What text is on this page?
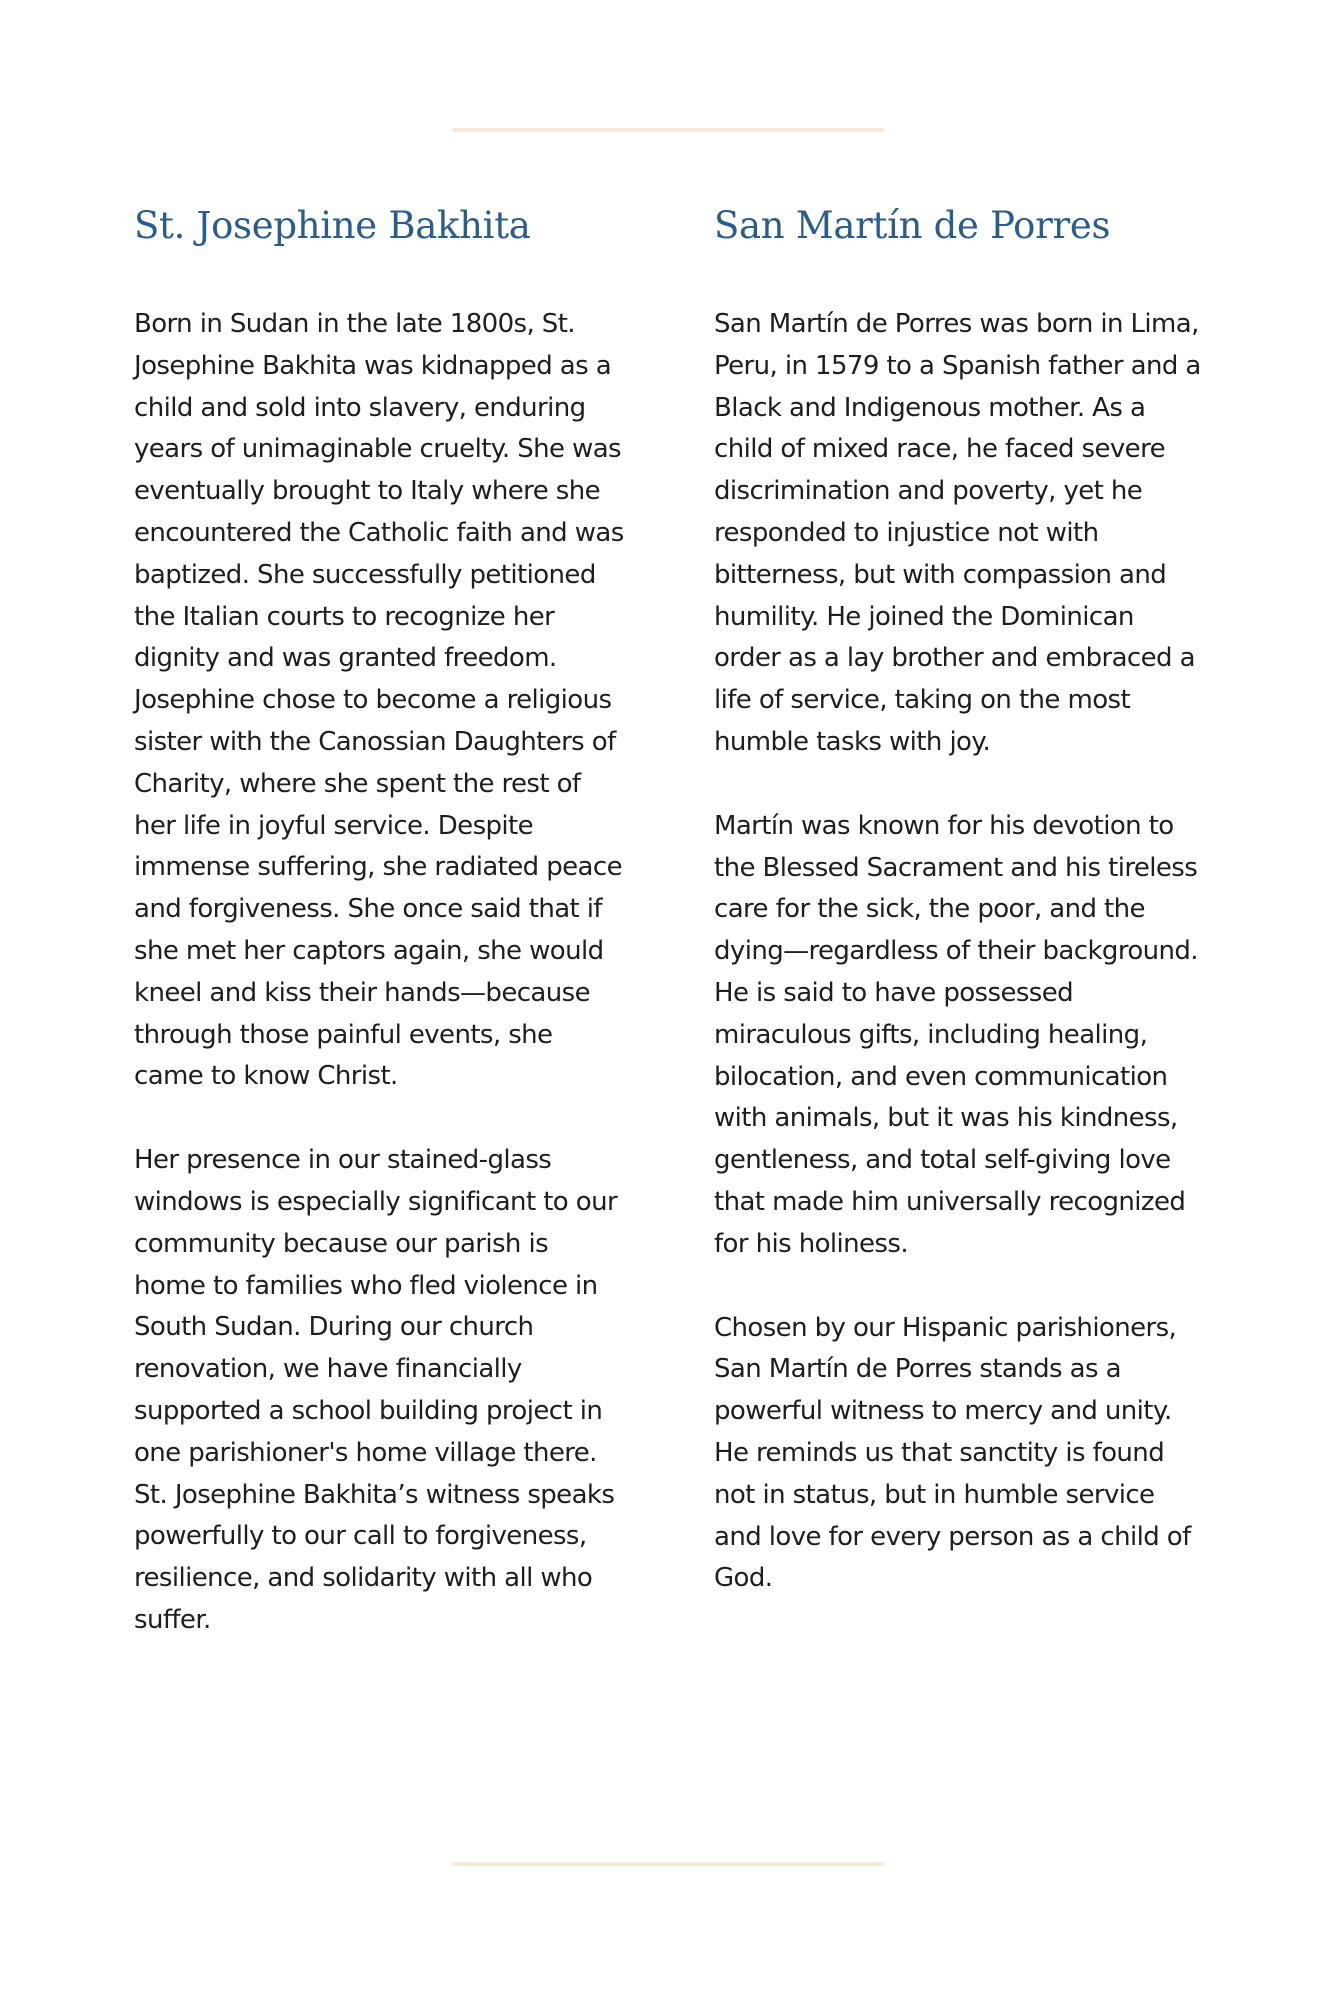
St. Josephine Bakhita

Born in Sudan in the late 1800s, St. Josephine Bakhita was kidnapped as a child and sold into slavery, enduring years of unimaginable cruelty. She was eventually brought to Italy where she encountered the Catholic faith and was baptized. She successfully petitioned the Italian courts to recognize her dignity and was granted freedom. Josephine chose to become a religious sister with the Canossian Daughters of Charity, where she spent the rest of her life in joyful service. Despite immense suffering, she radiated peace and forgiveness. She once said that if she met her captors again, she would kneel and kiss their hands—because through those painful events, she came to know Christ.

Her presence in our stained-glass windows is especially significant to our community because our parish is home to families who fled violence in South Sudan. During our church renovation, we have financially supported a school building project in one parishioner's home village there. St. Josephine Bakhita’s witness speaks powerfully to our call to forgiveness, resilience, and solidarity with all who suffer.

San Martín de Porres

San Martín de Porres was born in Lima, Peru, in 1579 to a Spanish father and a Black and Indigenous mother. As a child of mixed race, he faced severe discrimination and poverty, yet he responded to injustice not with bitterness, but with compassion and humility. He joined the Dominican order as a lay brother and embraced a life of service, taking on the most humble tasks with joy.

Martín was known for his devotion to the Blessed Sacrament and his tireless care for the sick, the poor, and the dying—regardless of their background. He is said to have possessed miraculous gifts, including healing, bilocation, and even communication with animals, but it was his kindness, gentleness, and total self-giving love that made him universally recognized for his holiness.

Chosen by our Hispanic parishioners, San Martín de Porres stands as a powerful witness to mercy and unity. He reminds us that sanctity is found not in status, but in humble service and love for every person as a child of God.
